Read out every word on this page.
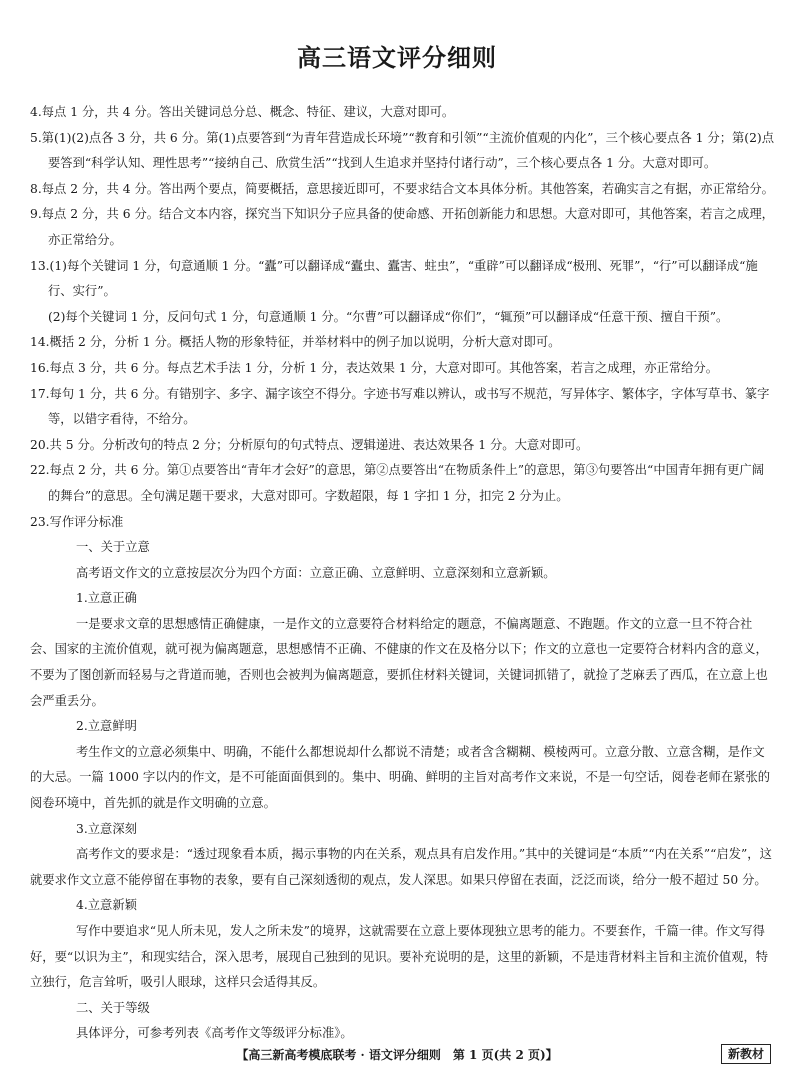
高三语文评分细则
4.每点 1 分，共 4 分。答出关键词总分总、概念、特征、建议，大意对即可。
5.第(1)(2)点各 3 分，共 6 分。第(1)点要答到“为青年营造成长环境”“教育和引领”“主流价值观的内化”，三个核心要点各 1 分；第(2)点要答到“科学认知、理性思考”“接纳自己、欣赏生活”“找到人生追求并坚持付诸行动”，三个核心要点各 1 分。大意对即可。
8.每点 2 分，共 4 分。答出两个要点，简要概括，意思接近即可，不要求结合文本具体分析。其他答案，若确实言之有据，亦正常给分。
9.每点 2 分，共 6 分。结合文本内容，探究当下知识分子应具备的使命感、开拓创新能力和思想。大意对即可，其他答案，若言之成理，亦正常给分。
13.(1)每个关键词 1 分，句意通顺 1 分。“蠹”可以翻译成“蠹虫、蠹害、蛀虫”，“重辟”可以翻译成“极刑、死罪”，“行”可以翻译成“施行、实行”。
(2)每个关键词 1 分，反问句式 1 分，句意通顺 1 分。“尔曹”可以翻译成“你们”，“辄预”可以翻译成“任意干预、擅自干预”。
14.概括 2 分，分析 1 分。概括人物的形象特征，并举材料中的例子加以说明，分析大意对即可。
16.每点 3 分，共 6 分。每点艺术手法 1 分，分析 1 分，表达效果 1 分，大意对即可。其他答案，若言之成理，亦正常给分。
17.每句 1 分，共 6 分。有错别字、多字、漏字该空不得分。字迹书写难以辨认，或书写不规范，写异体字、繁体字，字体写草书、篆字等，以错字看待，不给分。
20.共 5 分。分析改句的特点 2 分；分析原句的句式特点、逻辑递进、表达效果各 1 分。大意对即可。
22.每点 2 分，共 6 分。第①点要答出“青年才会好”的意思，第②点要答出“在物质条件上”的意思，第③句要答出“中国青年拥有更广阔的舞台”的意思。全句满足题干要求，大意对即可。字数超限，每 1 字扣 1 分，扣完 2 分为止。
23.写作评分标准
一、关于立意
高考语文作文的立意按层次分为四个方面：立意正确、立意鲜明、立意深刻和立意新颖。
1.立意正确
一是要求文章的思想感情正确健康，一是作文的立意要符合材料给定的题意，不偏离题意、不跑题。作文的立意一旦不符合社会、国家的主流价值观，就可视为偏离题意，思想感情不正确、不健康的作文在及格分以下；作文的立意也一定要符合材料内含的意义，不要为了图创新而轻易与之背道而驰，否则也会被判为偏离题意，要抓住材料关键词，关键词抓错了，就捡了芝麻丢了西瓜，在立意上也会严重丢分。
2.立意鲜明
考生作文的立意必须集中、明确，不能什么都想说却什么都说不清楚；或者含含糊糊、模棱两可。立意分散、立意含糊，是作文的大忌。一篇 1000 字以内的作文，是不可能面面俱到的。集中、明确、鲜明的主旨对高考作文来说，不是一句空话，阅卷老师在紧张的阅卷环境中，首先抓的就是作文明确的立意。
3.立意深刻
高考作文的要求是：“透过现象看本质，揭示事物的内在关系，观点具有启发作用。”其中的关键词是“本质”“内在关系”“启发”，这就要求作文立意不能停留在事物的表象，要有自己深刻透彻的观点，发人深思。如果只停留在表面，泛泛而谈，给分一般不超过 50 分。
4.立意新颖
写作中要追求“见人所未见，发人之所未发”的境界，这就需要在立意上要体现独立思考的能力。不要套作，千篇一律。作文写得好，要“以识为主”，和现实结合，深入思考，展现自己独到的见识。要补充说明的是，这里的新颖，不是违背材料主旨和主流价值观，特立独行，危言耸听，吸引人眼球，这样只会适得其反。
二、关于等级
具体评分，可参考列表《高考作文等级评分标准》。
【高三新高考模底联考 · 语文评分细则　第 1 页(共 2 页)】	新教材
